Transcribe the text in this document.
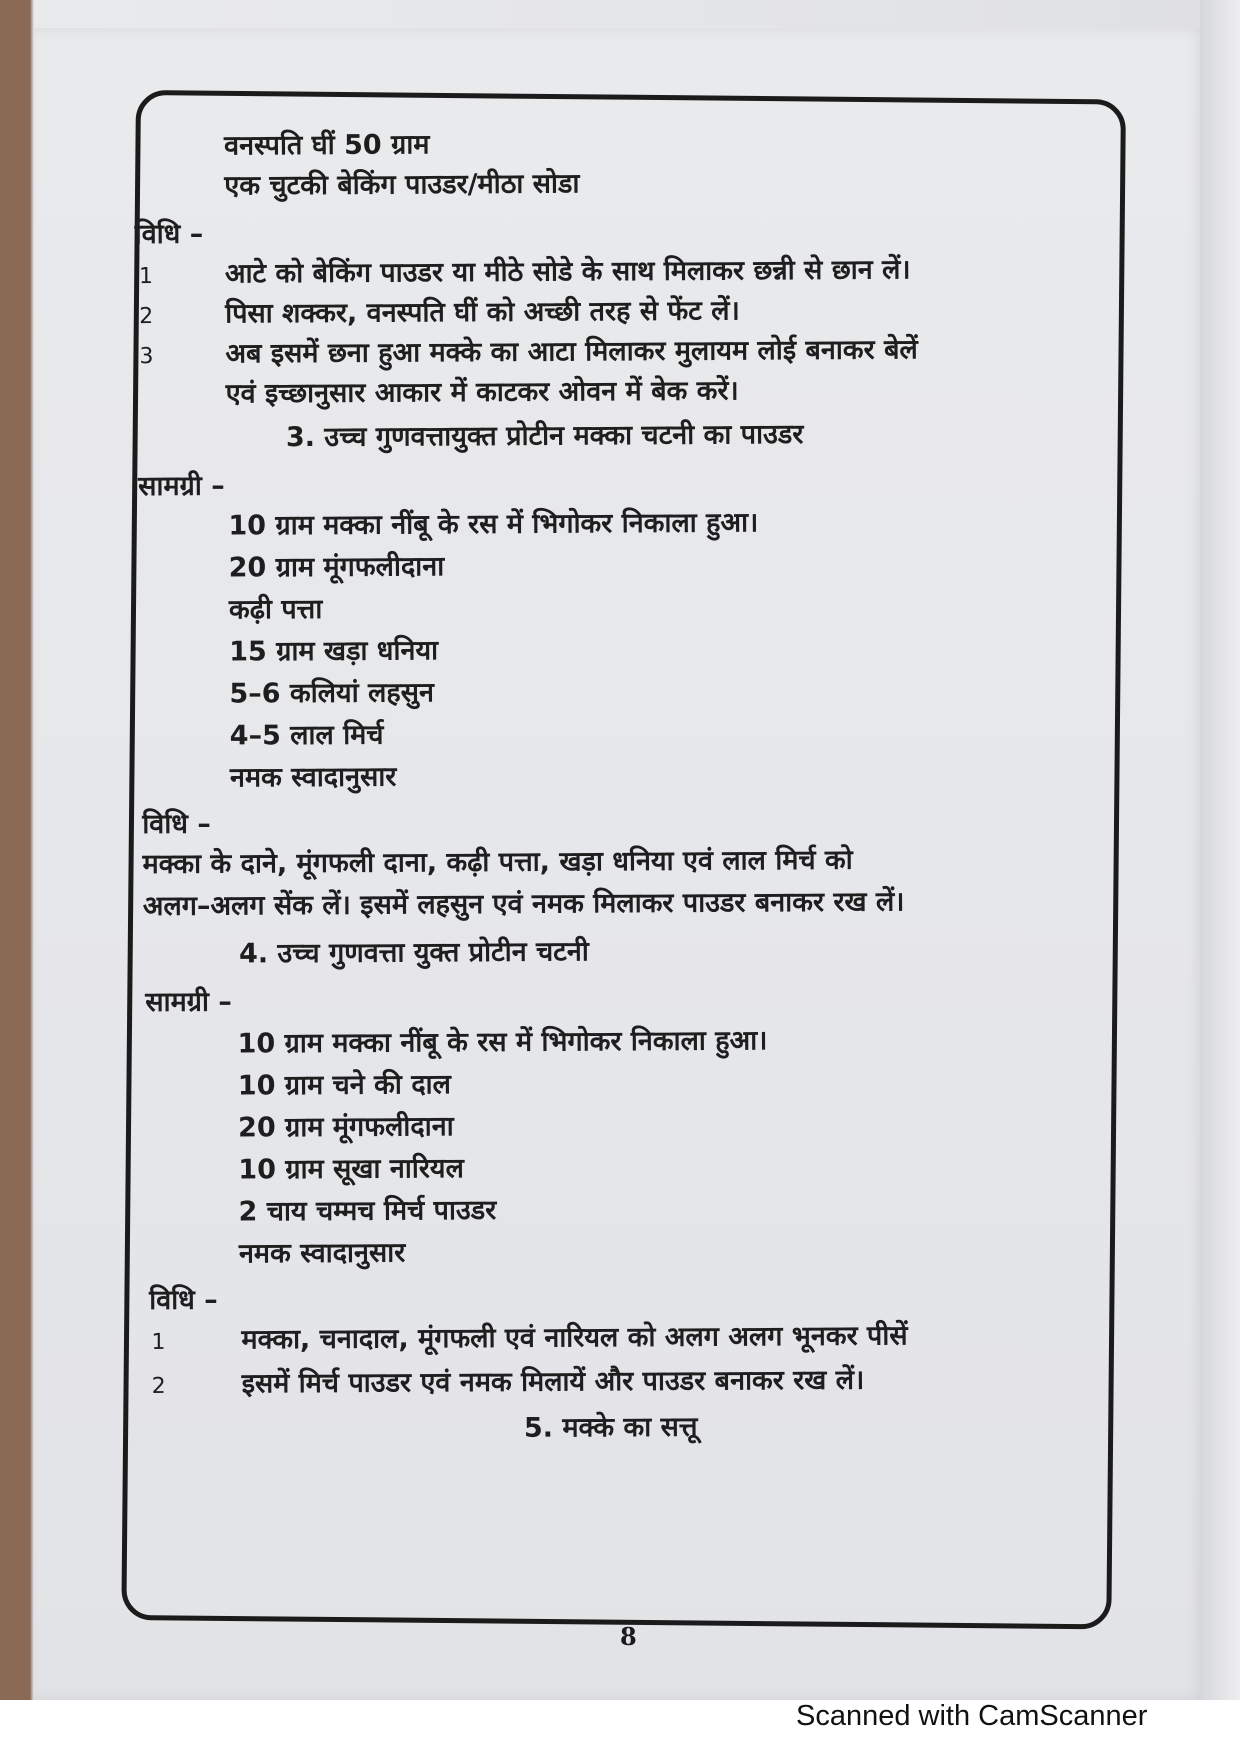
वनस्पति घीं 50 ग्राम
एक चुटकी बेकिंग पाउडर/मीठा सोडा
विधि –
1	आटे को बेकिंग पाउडर या मीठे सोडे के साथ मिलाकर छन्नी से छान लें।
2	पिसा शक्कर, वनस्पति घीं को अच्छी तरह से फेंट लें।
3	अब इसमें छना हुआ मक्के का आटा मिलाकर मुलायम लोई बनाकर बेलें
एवं इच्छानुसार आकार में काटकर ओवन में बेक करें।
3. उच्च गुणवत्तायुक्त प्रोटीन मक्का चटनी का पाउडर
सामग्री –
10 ग्राम मक्का नींबू के रस में भिगोकर निकाला हुआ।
20 ग्राम मूंगफलीदाना
कढ़ी पत्ता
15 ग्राम खड़ा धनिया
5–6 कलियां लहसुन
4–5 लाल मिर्च
नमक स्वादानुसार
विधि –
मक्का के दाने, मूंगफली दाना, कढ़ी पत्ता, खड़ा धनिया एवं लाल मिर्च को
अलग–अलग सेंक लें। इसमें लहसुन एवं नमक मिलाकर पाउडर बनाकर रख लें।
4. उच्च गुणवत्ता युक्त प्रोटीन चटनी
सामग्री –
10 ग्राम मक्का नींबू के रस में भिगोकर निकाला हुआ।
10 ग्राम चने की दाल
20 ग्राम मूंगफलीदाना
10 ग्राम सूखा नारियल
2 चाय चम्मच मिर्च पाउडर
नमक स्वादानुसार
विधि –
1	मक्का, चनादाल, मूंगफली एवं नारियल को अलग अलग भूनकर पीसें
2	इसमें मिर्च पाउडर एवं नमक मिलायें और पाउडर बनाकर रख लें।
5. मक्के का सत्तू
8
Scanned with CamScanner
